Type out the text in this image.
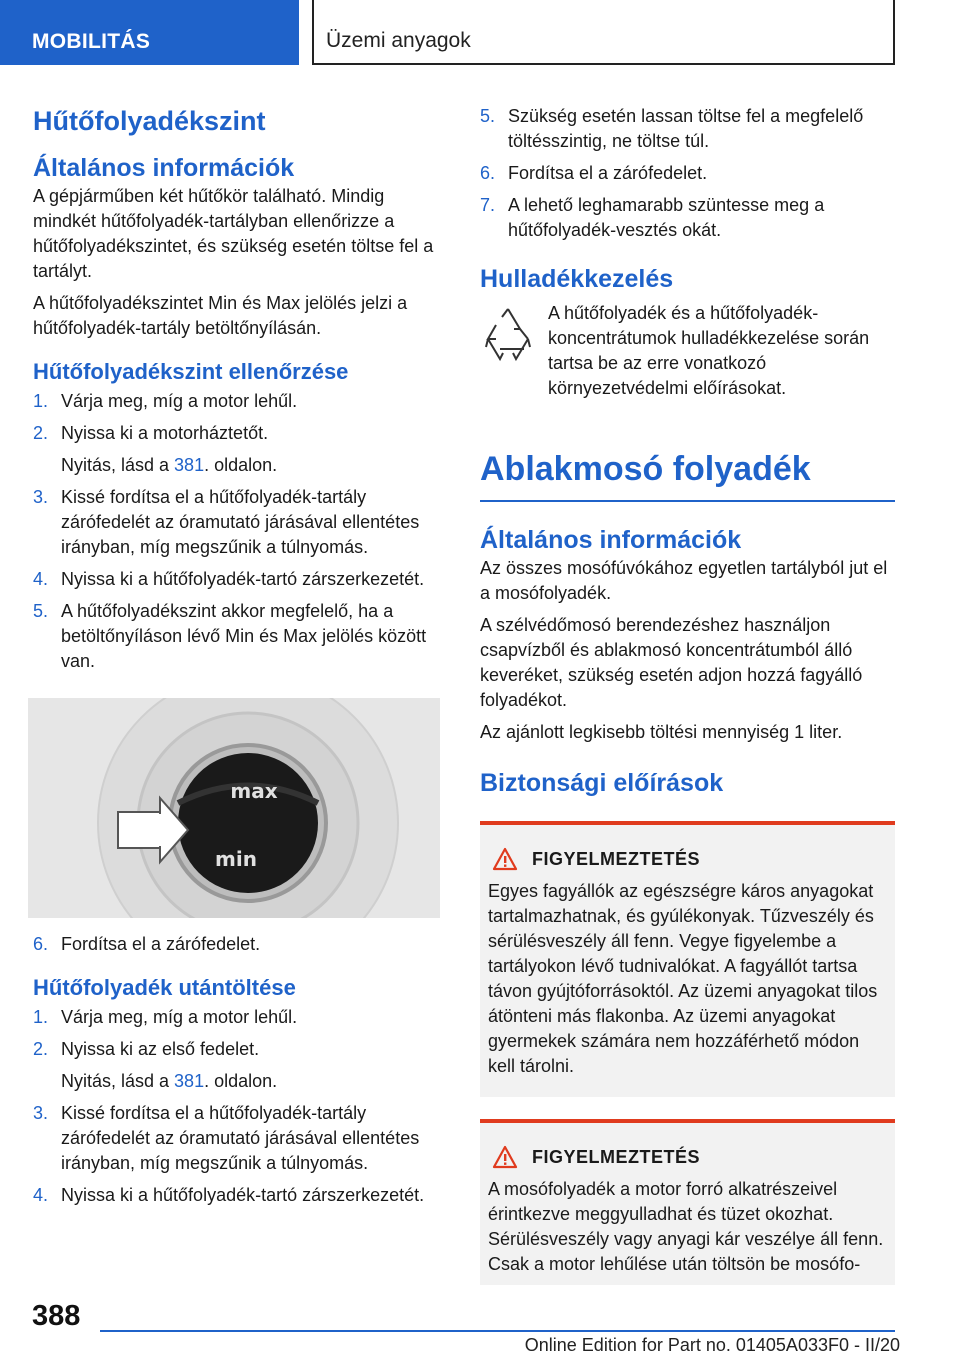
MOBILITÁS	Üzemi anyagok
Hűtőfolyadékszint
Általános információk

A gépjárműben két hűtőkör található. Mindig mindkét hűtőfolyadék-tartályban ellenőrizze a hűtőfolyadékszintet, és szükség esetén töltse fel a tartályt.

A hűtőfolyadékszintet Min és Max jelölés jelzi a hűtőfolyadék-tartály betöltőnyílásán.

Hűtőfolyadékszint ellenőrzése
1. Várja meg, míg a motor lehűl.
2. Nyissa ki a motorháztetőt.
Nyitás, lásd a 381. oldalon.
3. Kissé fordítsa el a hűtőfolyadék-tartály zárófedelét az óramutató járásával ellentétes irányban, míg megszűnik a túlnyomás.
4. Nyissa ki a hűtőfolyadék-tartó zárszerkezetét.
5. A hűtőfolyadékszint akkor megfelelő, ha a betöltőnyíláson lévő Min és Max jelölés között van.
max
min
6. Fordítsa el a zárófedelet.
Hűtőfolyadék utántöltése
1. Várja meg, míg a motor lehűl.
2. Nyissa ki az első fedelet.
Nyitás, lásd a 381. oldalon.
3. Kissé fordítsa el a hűtőfolyadék-tartály zárófedelét az óramutató járásával ellentétes irányban, míg megszűnik a túlnyomás.
4. Nyissa ki a hűtőfolyadék-tartó zárszerkezetét.
5. Szükség esetén lassan töltse fel a megfelelő töltésszintig, ne töltse túl.
6. Fordítsa el a zárófedelet.
7. A lehető leghamarabb szüntesse meg a hűtőfolyadék-vesztés okát.
Hulladékkezelés

A hűtőfolyadék és a hűtőfolyadék-koncentrátumok hulladékkezelése során tartsa be az erre vonatkozó környezetvédelmi előírásokat.

Ablakmosó folyadék
Általános információk

Az összes mosófúvókához egyetlen tartályból jut el a mosófolyadék.

A szélvédőmosó berendezéshez használjon csapvízből és ablakmosó koncentrátumból álló keveréket, szükség esetén adjon hozzá fagyálló folyadékot.

Az ajánlott legkisebb töltési mennyiség 1 liter.

Biztonsági előírások
FIGYELMEZTETÉS

Egyes fagyállók az egészségre káros anyagokat tartalmazhatnak, és gyúlékonyak. Tűzveszély és sérülésveszély áll fenn. Vegye figyelembe a tartályokon lévő tudnivalókat. A fagyállót tartsa távon gyújtóforrásoktól. Az üzemi anyagokat tilos átönteni más flakonba. Az üzemi anyagokat gyermekek számára nem hozzáférhető módon kell tárolni.

FIGYELMEZTETÉS

A mosófolyadék a motor forró alkatrészeivel érintkezve meggyulladhat és tüzet okozhat. Sérülésveszély vagy anyagi kár veszélye áll fenn. Csak a motor lehűlése után töltsön be mosófo-

388
Online Edition for Part no. 01405A033F0 - II/20
